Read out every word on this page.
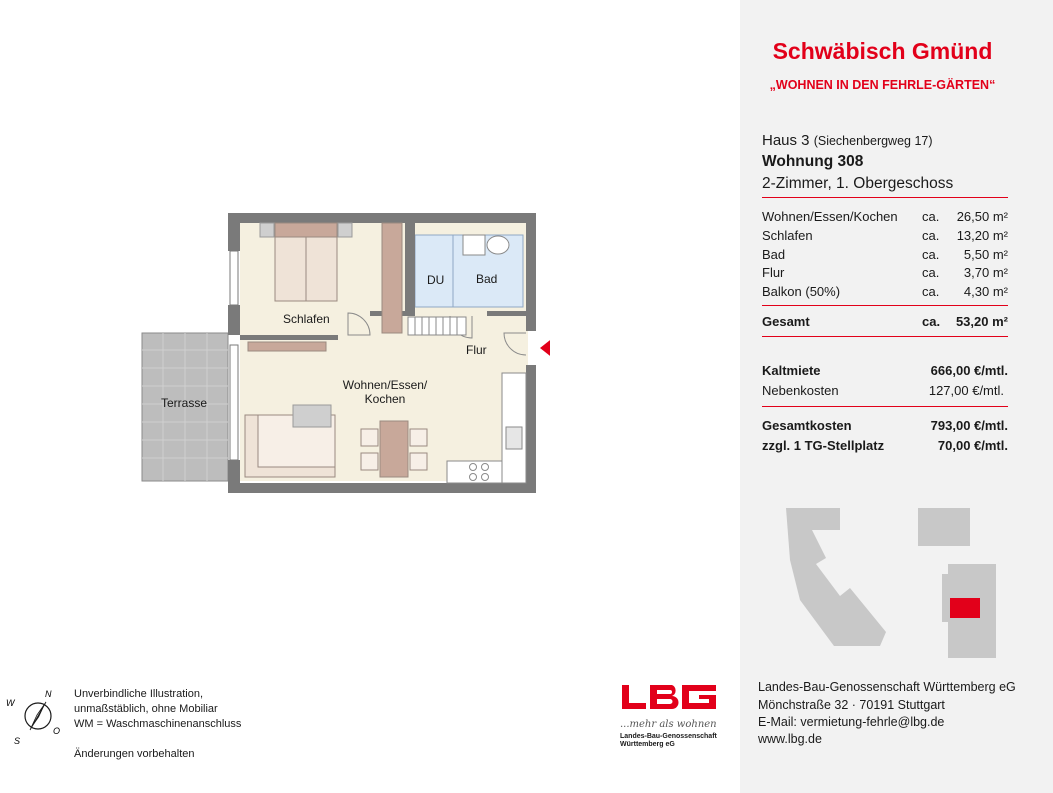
Schlafen
DU	Bad
Flur
Wohnen/Essen/
Kochen
Terrasse
N
O
S
W
Unverbindliche Illustration,
unmaßstäblich, ohne Mobiliar
WM = Waschmaschinenanschluss
Änderungen vorbehalten
...mehr als wohnen
Landes-Bau-Genossenschaft
Württemberg eG
Schwäbisch Gmünd
„WOHNEN IN DEN FEHRLE-GÄRTEN“
Haus 3 (Siechenbergweg 17)
Wohnung 308
2-Zimmer, 1. Obergeschoss
Wohnen/Essen/Kochen ca. 26,50 m²
Schlafen	ca. 13,20 m²
Bad	ca. 5,50 m²
Flur	ca. 3,70 m²
Balkon (50%)	ca. 4,30 m²
Gesamt	ca. 53,20 m²
Kaltmiete	666,00 €/mtl.
Nebenkosten	127,00 €/mtl.
Gesamtkosten	793,00 €/mtl.
zzgl. 1 TG-Stellplatz	70,00 €/mtl.
Landes-Bau-Genossenschaft Württemberg eG
Mönchstraße 32 · 70191 Stuttgart
E-Mail: vermietung-fehrle@lbg.de
www.lbg.de
